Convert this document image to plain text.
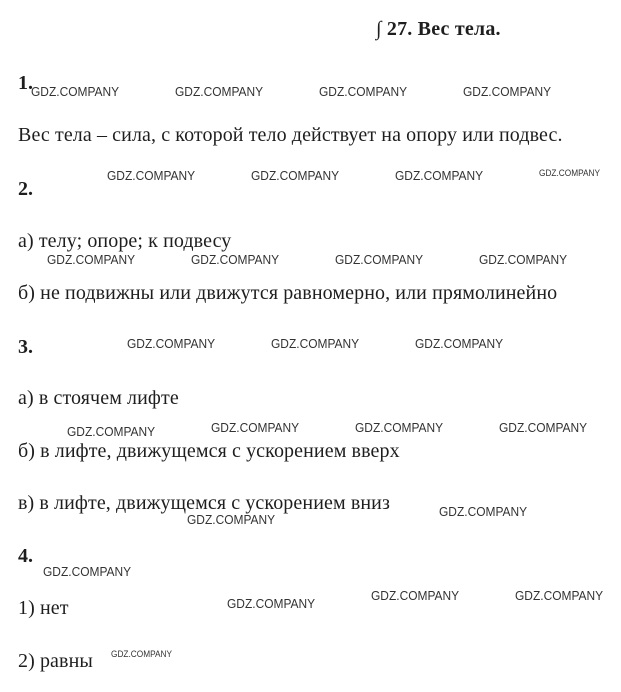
∫ 27. Вес тела.
1.
Вес тела – сила, с которой тело действует на опору или подвес.
2.
а) телу; опоре; к подвесу
б) не подвижны или движутся равномерно, или прямолинейно
3.
а) в стоячем лифте
б) в лифте, движущемся с ускорением вверх
в) в лифте, движущемся с ускорением вниз
4.
1) нет
2) равны
GDZ.COMPANY	GDZ.COMPANY	GDZ.COMPANY	GDZ.COMPANY
GDZ.COMPANY	GDZ.COMPANY	GDZ.COMPANY	GDZ.COMPANY
GDZ.COMPANY	GDZ.COMPANY	GDZ.COMPANY	GDZ.COMPANY
GDZ.COMPANY	GDZ.COMPANY	GDZ.COMPANY
GDZ.COMPANY	GDZ.COMPANY	GDZ.COMPANY	GDZ.COMPANY
GDZ.COMPANY
GDZ.COMPANY
GDZ.COMPANY
GDZ.COMPANY
GDZ.COMPANY	GDZ.COMPANY
GDZ.COMPANY
